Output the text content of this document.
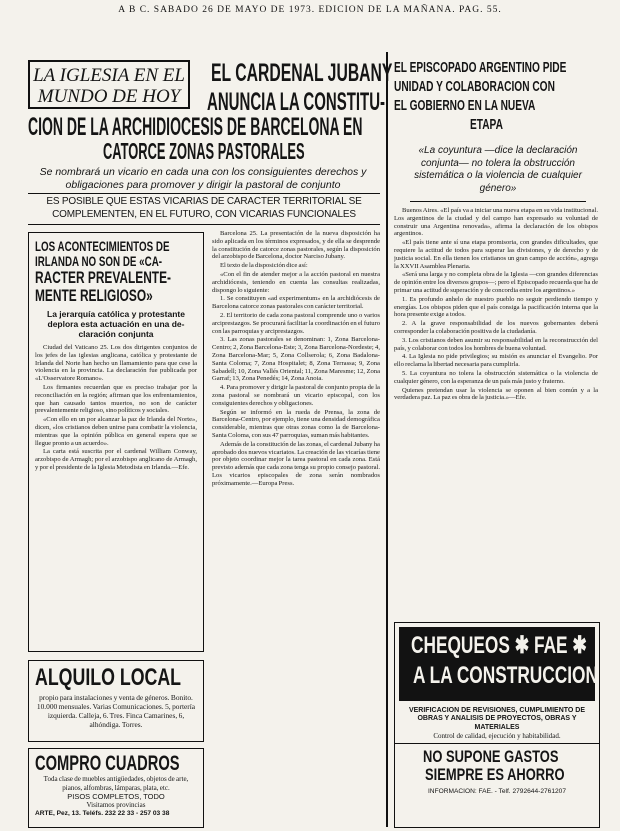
A B C. SABADO 26 DE MAYO DE 1973. EDICION DE LA MAÑANA. PAG. 55.
LA IGLESIA EN EL
MUNDO DE HOY
EL CARDENAL JUBANY
ANUNCIA LA CONSTITU-
CION DE LA ARCHIDIOCESIS DE BARCELONA EN
CATORCE ZONAS PASTORALES
Se nombrará un vicario en cada una con los consiguientes derechos y obligaciones para promover y dirigir la pastoral de conjunto
ES POSIBLE QUE ESTAS VICARIAS DE CARACTER TERRITORIAL SE COMPLEMENTEN, EN EL FUTURO, CON VICARIAS FUNCIONALES
LOS ACONTECIMIENTOS DE
IRLANDA NO SON DE «CA-
RACTER PREVALENTE-
MENTE RELIGIOSO»
La jerarquía católica y protestante
deplora esta actuación en una de-
claración conjunta

Ciudad del Vaticano 25. Los dos dirigentes conjuntos de los jefes de las iglesias anglicana, católica y protestante de Irlanda del Norte han hecho un llamamiento para que cese la violencia en la provincia. La declaración fue publicada por «L'Osservatore Romano».

Los firmantes recuerdan que es preciso trabajar por la reconciliación en la región; afirman que los enfrentamientos, que han causado tantos muertos, no son de carácter prevalentemente religioso, sino políticos y sociales.

«Con ello en un por alcanzar la paz de Irlanda del Norte», dicen, «los cristianos deben unirse para combatir la violencia, mientras que la opinión pública en general espera que se llegue pronto a un acuerdo».

La carta está suscrita por el cardenal William Conway, arzobispo de Armagh; por el arzobispo anglicano de Armagh, y por el presidente de la Iglesia Metodista en Irlanda.—Efe.

Barcelona 25. La presentación de la nueva disposición ha sido aplicada en los términos expresados, y de ella se desprende la constitución de catorce zonas pastorales, según la disposición del arzobispo de Barcelona, doctor Narciso Jubany.

El texto de la disposición dice así:

«Con el fin de atender mejor a la acción pastoral en nuestra archidiócesis, teniendo en cuenta las consultas realizadas, dispongo lo siguiente:

1. Se constituyen «ad experimentum» en la archidiócesis de Barcelona catorce zonas pastorales con carácter territorial.

2. El territorio de cada zona pastoral comprende uno o varios arciprestazgos. Se procurará facilitar la coordinación en el futuro con las parroquias y arciprestazgos.

3. Las zonas pastorales se denominan: 1, Zona Barcelona-Centro; 2, Zona Barcelona-Este; 3, Zona Barcelona-Nordeste; 4, Zona Barcelona-Mar; 5, Zona Collserola; 6, Zona Badalona-Santa Coloma; 7, Zona Hospitalet; 8, Zona Terrassa; 9, Zona Sabadell; 10, Zona Vallés Oriental; 11, Zona Maresme; 12, Zona Garraf; 13, Zona Penedés; 14, Zona Anoia.

4. Para promover y dirigir la pastoral de conjunto propia de la zona pastoral se nombrará un vicario episcopal, con los consiguientes derechos y obligaciones.

Según se informó en la rueda de Prensa, la zona de Barcelona-Centro, por ejemplo, tiene una densidad demográfica considerable, mientras que otras zonas como la de Barcelona-Santa Coloma, con sus 47 parroquias, suman más habitantes.

Además de la constitución de las zonas, el cardenal Jubany ha aprobado dos nuevos vicariatos. La creación de las vicarías tiene por objeto coordinar mejor la tarea pastoral en cada zona. Está previsto además que cada zona tenga su propio consejo pastoral. Los vicarios episcopales de zona serán nombrados próximamente.—Europa Press.

ALQUILO LOCAL
propio para instalaciones y venta de géneros. Bonito. 10.000 mensuales. Varias Comunicaciones. 5, portería izquierda. Calleja, 6. Tres. Finca Camarines, 6, alhóndiga. Torres.
COMPRO CUADROS
Toda clase de muebles antigüedades, objetos de arte, pianos, alfombras, lámparas, plata, etc.
PISOS COMPLETOS, TODO
Visitamos provincias
ARTE, Pez, 13. Teléfs. 232 22 33 - 257 03 38
EL EPISCOPADO ARGENTINO PIDE
UNIDAD Y COLABORACION CON
EL GOBIERNO EN LA NUEVA
ETAPA
«La coyuntura —dice la declaración conjunta— no tolera la obstrucción sistemática o la violencia de cualquier género»

Buenos Aires. «El país va a iniciar una nueva etapa en su vida institucional. Los argentinos de la ciudad y del campo han expresado su voluntad de construir una Argentina renovada», afirma la declaración de los obispos argentinos.

«El país tiene ante sí una etapa promisoria, con grandes dificultades, que requiere la actitud de todos para superar las divisiones, y de derecho y de justicia social. En ella tienen los cristianos un gran campo de acción», agrega la XXVII Asamblea Plenaria.

«Será una larga y no completa obra de la Iglesia —con grandes diferencias de opinión entre los diversos grupos—; pero el Episcopado recuerda que ha de primar una actitud de superación y de concordia entre los argentinos.»

1. Es profundo anhelo de nuestro pueblo no seguir perdiendo tiempo y energías. Los obispos piden que el país consiga la pacificación interna que la hora presente exige a todos.

2. A la grave responsabilidad de los nuevos gobernantes deberá corresponder la colaboración positiva de la ciudadanía.

3. Los cristianos deben asumir su responsabilidad en la reconstrucción del país, y colaborar con todos los hombres de buena voluntad.

4. La Iglesia no pide privilegios; su misión es anunciar el Evangelio. Por ello reclama la libertad necesaria para cumplirla.

5. La coyuntura no tolera la obstrucción sistemática o la violencia de cualquier género, con la esperanza de un país más justo y fraterno.

Quienes pretendan usar la violencia se oponen al bien común y a la verdadera paz. La paz es obra de la justicia.»—Efe.

CHEQUEOS ✱ FAE ✱
A LA CONSTRUCCION
VERIFICACION DE REVISIONES, CUMPLIMIENTO DE OBRAS Y ANALISIS DE PROYECTOS, OBRAS Y MATERIALES
Control de calidad, ejecución y habitabilidad.
NO SUPONE GASTOS
SIEMPRE ES AHORRO
INFORMACION: FAE. - Telf. 2792644-2761207
